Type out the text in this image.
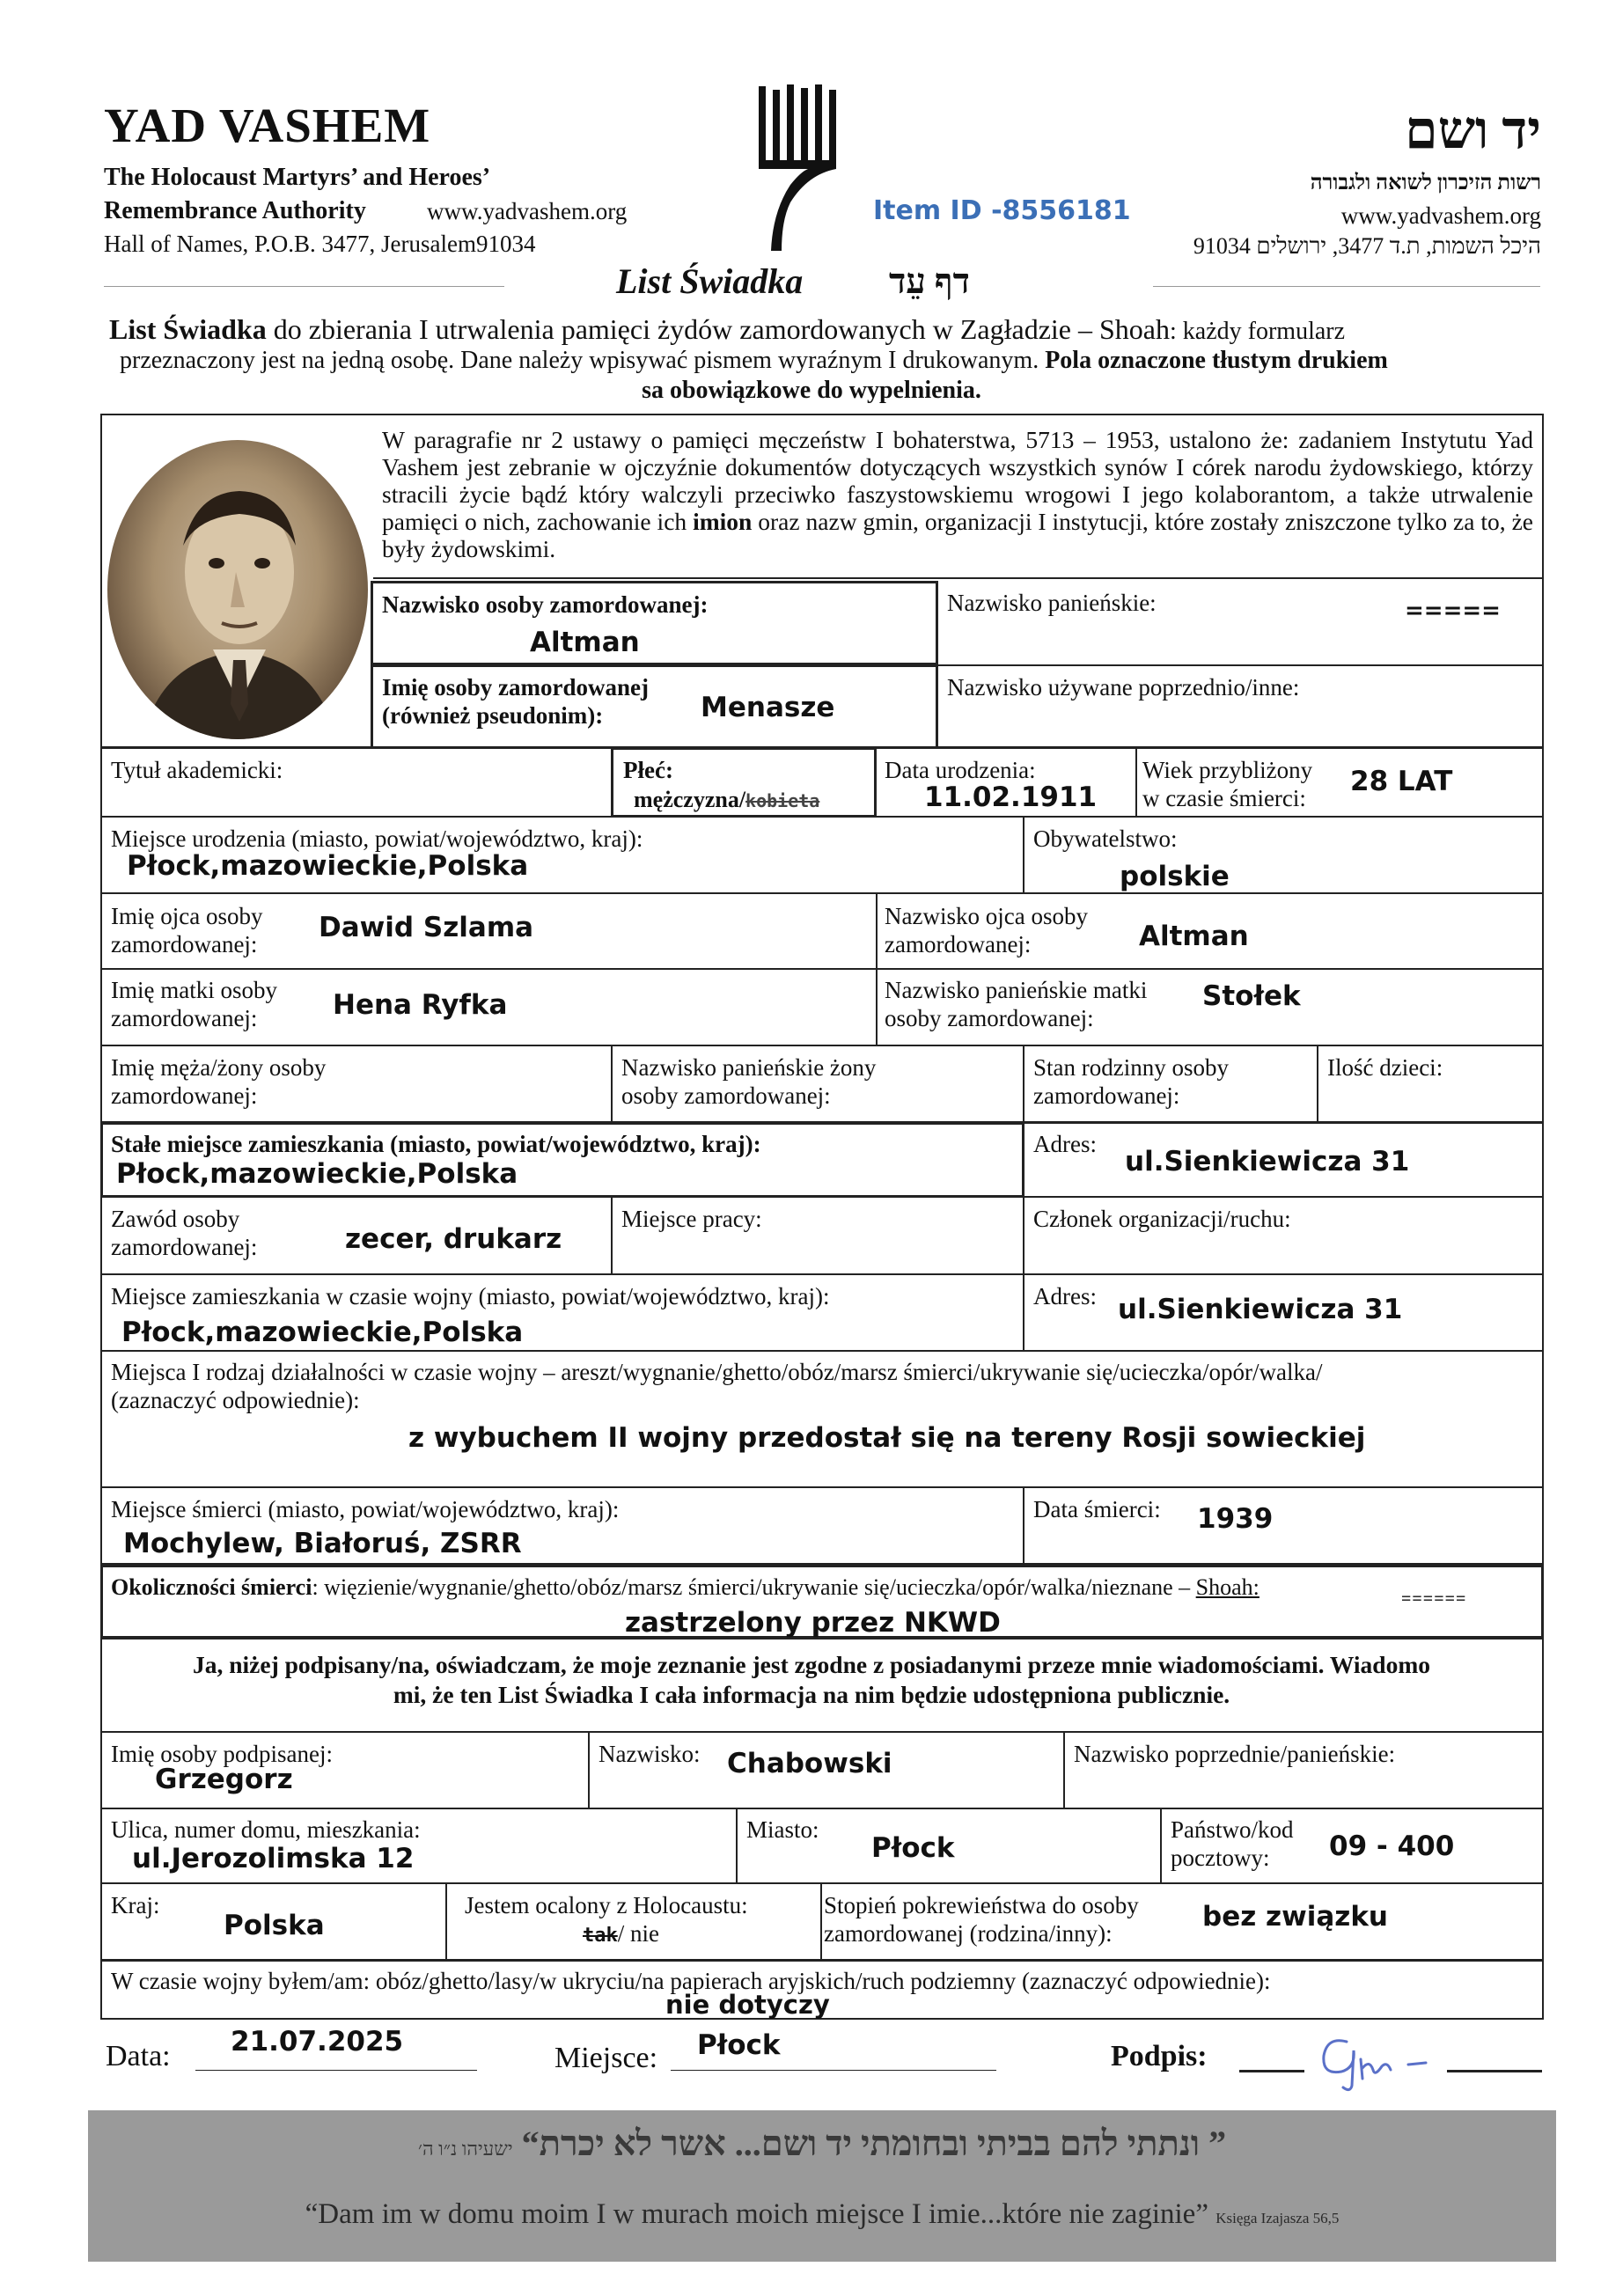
YAD VASHEM
The Holocaust Martyrs’ and Heroes’
Remembrance Authority	www.yadvashem.org
Hall of Names, P.O.B. 3477, Jerusalem91034
Item ID -8556181
יד ושם
רשות הזיכרון לשואה ולגבורה
www.yadvashem.org
היכל השמות, ת.ד 3477, ירושלים 91034
List Świadka דף עֵד
List Świadka do zbierania I utrwalenia pamięci żydów zamordowanych w Zagładzie – Shoah: każdy formularz
przeznaczony jest na jedną osobę. Dane należy wpisywać pismem wyraźnym I drukowanym. Pola oznaczone tłustym drukiem
sa obowiązkowe do wypelnienia.
W paragrafie nr 2 ustawy o pamięci męczeństw I bohaterstwa, 5713 – 1953, ustalono że: zadaniem Instytutu Yad Vashem jest zebranie w ojczyźnie dokumentów dotyczących wszystkich synów I córek narodu żydowskiego, którzy stracili życie bądź który walczyli przeciwko faszystowskiemu wrogowi I jego kolaborantom, a także utrwalenie pamięci o nich, zachowanie ich imion oraz nazw gmin, organizacji I instytucji, które zostały zniszczone tylko za to, że były żydowskimi.
Nazwisko osoby zamordowanej:
Altman
Nazwisko panieńskie:	=====
Imię osoby zamordowanej
(również pseudonim):	Menasze
Nazwisko używane poprzednio/inne:
Tytuł akademicki:	Płeć:
mężczyzna/kobieta
Data urodzenia:
11.02.1911
Wiek przybliżony
w czasie śmierci:
28 LAT
Miejsce urodzenia (miasto, powiat/województwo, kraj):
Płock,mazowieckie,Polska
Obywatelstwo:
polskie
Imię ojca osoby
zamordowanej:
Dawid Szlama	Nazwisko ojca osoby
zamordowanej:	Altman
Imię matki osoby
zamordowanej:	Hena Ryfka	Nazwisko panieńskie matki
osoby zamordowanej:
Stołek
Imię męża/żony osoby
zamordowanej:
Nazwisko panieńskie żony
osoby zamordowanej:
Stan rodzinny osoby
zamordowanej:
Ilość dzieci:
Stałe miejsce zamieszkania (miasto, powiat/województwo, kraj):
Płock,mazowieckie,Polska
Adres:
ul.Sienkiewicza 31
Zawód osoby
zamordowanej:	zecer, drukarz
Miejsce pracy:	Członek organizacji/ruchu:
Miejsce zamieszkania w czasie wojny (miasto, powiat/województwo, kraj):
Płock,mazowieckie,Polska
Adres: ul.Sienkiewicza 31
Miejsca I rodzaj działalności w czasie wojny – areszt/wygnanie/ghetto/obóz/marsz śmierci/ukrywanie się/ucieczka/opór/walka/
(zaznaczyć odpowiednie):
z wybuchem II wojny przedostał się na tereny Rosji sowieckiej
Miejsce śmierci (miasto, powiat/województwo, kraj):
Mochylew, Białoruś, ZSRR
Data śmierci: 1939
Okoliczności śmierci: więzienie/wygnanie/ghetto/obóz/marsz śmierci/ukrywanie się/ucieczka/opór/walka/nieznane – Shoah:	======
zastrzelony przez NKWD
Ja, niżej podpisany/na, oświadczam, że moje zeznanie jest zgodne z posiadanymi przeze mnie wiadomościami. Wiadomo
mi, że ten List Świadka I cała informacja na nim będzie udostępniona publicznie.
Imię osoby podpisanej:
Grzegorz
Nazwisko: Chabowski	Nazwisko poprzednie/panieńskie:
Ulica, numer domu, mieszkania:
ul.Jerozolimska 12
Miasto:
Płock
Państwo/kod
pocztowy: 09 - 400
Kraj:
Polska
Jestem ocalony z Holocaustu:
tak/ nie
Stopień pokrewieństwa do osoby
zamordowanej (rodzina/inny):
bez związku
W czasie wojny byłem/am: obóz/ghetto/lasy/w ukryciu/na papierach aryjskich/ruch podziemny (zaznaczyć odpowiednie):
nie dotyczy
Data: 21.07.2025	Miejsce: Płock	Podpis:
” ונתתי להם בביתי ובחומתי יד ושם... אשר לא יכרת“ ישעיהו נ״ו ה׳
“Dam im w domu moim I w murach moich miejsce I imie...które nie zaginie” Księga Izajasza 56,5
